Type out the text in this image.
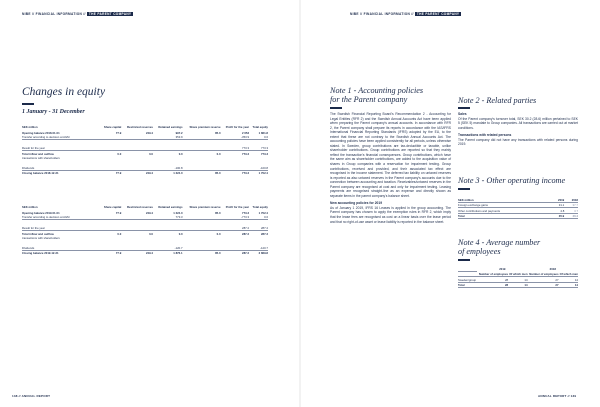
NIBE // FINANCIAL INFORMATION // THE PARENT COMPANY
Changes in equity
1 January - 31 December
SEK million	Share capital	Restricted reserves	Retained earnings	Share premium reserve	Profit for the year	Total equity
Opening balance 2018-01-01	77.9	249.4	997.2	85.0	2 653	1 861.8
Transfer according to decision at AGM			353.9		-353.9	0.0

Result for the year					773.3	773.3
Total inflow and outflow	0.0	0.0	0.0	0.0	773.3	773.3
transactions with shareholders						

Dividends			-100.8			-100.8
Closing balance 2018-12-31	77.9	249.4	1 224.0	85.0	773.3	1 702.4
SEK million	Share capital	Restricted reserves	Retained earnings	Share premium reserve	Profit for the year	Total equity
Opening balance 2019-01-01	77.9	249.4	1 224.0	85.0	773.3	1 702.4
Transfer according to decision at AGM			773.3		-773.3	0.0

Result for the year					287.2	287.2
Total inflow and outflow	0.0	0.0	0.0	0.0	287.2	287.2
transactions with shareholders						

Dividends			-120.7			-120.7
Closing balance 2019-12-31	77.9	249.4	1 876.1	85.0	287.2	2 869.8
138 // ANNUAL REPORT
NIBE // FINANCIAL INFORMATION // THE PARENT COMPANY
Note 1 - Accounting policies
for the Parent company

The Swedish Financial Reporting Board's Recommendation 2 - Accounting for Legal Entities (RFR 2) and the Swedish Annual Accounts Act have been applied when preparing the Parent company's annual accounts. In accordance with RFR 2, the Parent company shall prepare its reports in accordance with the IAS/IFRS International Financial Reporting Standards (IFRS) adopted by the EU, to the extent that these are not contrary to the Swedish Annual Accounts Act. The accounting policies have been applied consistently for all periods, unless otherwise stated. In Sweden, group contributions are tax-deductible or taxable, unlike shareholder contributions. Group contributions are reported so that they mainly reflect the transaction's financial consequences. Group contributions, which have the same aim as shareholder contributions, are added to the acquisition value of shares in Group companies with a reservation for impairment testing. Group contributions, received and provided, and their associated tax effect are recognised in the income statement. The deferred tax liability on untaxed reserves is reported as also untaxed reserves in the Parent company's accounts due to the connection between accounting and taxation. Receivables/untaxed reserves in the Parent company are recognised at cost and only for impairment testing. Leasing payments are recognised straight-line as an expense and directly shown as separate items in the parent company's balance sheet.

New accounting policies for 2019

As of January 1 2019, IFRS 16 Leases is applied in the group accounting. The Parent company has chosen to apply the exemption rules in RFR 2, which imply that the lease fees are recognised as cost on a linear basis over the lease period and that no right-of-use asset or lease liability is reported in the balance sheet.

Note 2 - Related parties

Sales

Of the Parent company's turnover total, SEK 30.2 (28.6) million pertained to SEK 5 (SEK 5) mandate to Group companies. All transactions are carried out at market conditions.

Transactions with related persons

The Parent company did not have any transactions with related persons during 2019.

Note 3 - Other operating income
SEK million	2019	2018
Foreign exchange gains	31.1	37.7
Other contributions and payments	4.8	3.7
Total	35.9	40.4
Note 4 - Average number
of employees
	2019		2018	
	Number of employees	Of which men	Number of employees	Of which men
Sweden/group	28	14	27	14
Total	28	14	27	14
ANNUAL REPORT // 139
